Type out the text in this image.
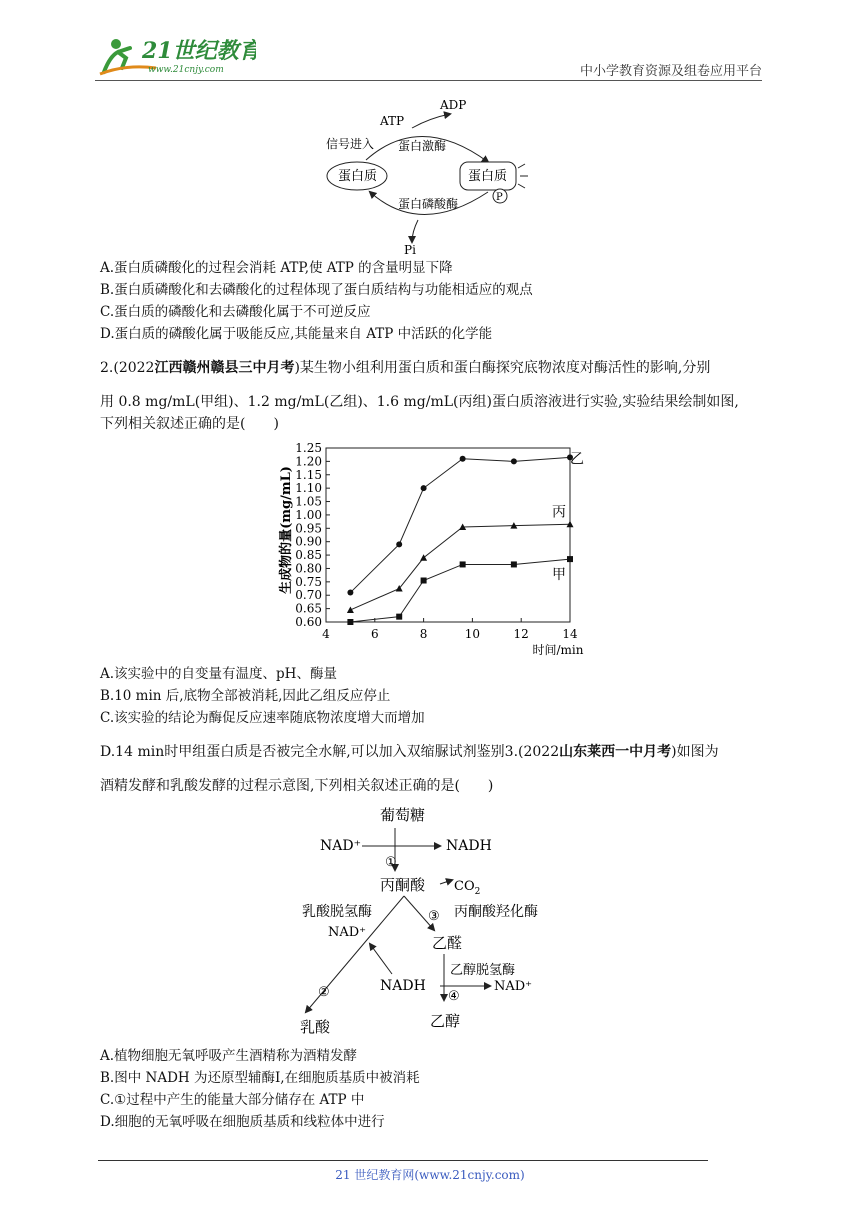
21世纪教育
www.21cnjy.com	中小学教育资源及组卷应用平台
ATP
ADP
信号进入 蛋白激酶
蛋白质	蛋白质
P
蛋白磷酸酶
Pi
A.蛋白质磷酸化的过程会消耗 ATP,使 ATP 的含量明显下降
B.蛋白质磷酸化和去磷酸化的过程体现了蛋白质结构与功能相适应的观点
C.蛋白质的磷酸化和去磷酸化属于不可逆反应
D.蛋白质的磷酸化属于吸能反应,其能量来自 ATP 中活跃的化学能
2.(2022江西赣州赣县三中月考)某生物小组利用蛋白质和蛋白酶探究底物浓度对酶活性的影响,分别
用 0.8 mg/mL(甲组)、1.2 mg/mL(乙组)、1.6 mg/mL(丙组)蛋白质溶液进行实验,实验结果绘制如图,
下列相关叙述正确的是(　　)
1.25
1.20
1.15
1.10
1.05
1.00
0.95
0.90
0.85
0.80
0.75
0.70
0.65
0.60
4	6	8	10	12	14
乙
丙
甲
生成物的量(mg/mL)
时间/min
A.该实验中的自变量有温度、pH、酶量
B.10 min 后,底物全部被消耗,因此乙组反应停止
C.该实验的结论为酶促反应速率随底物浓度增大而增加
D.14 min时甲组蛋白质是否被完全水解,可以加入双缩脲试剂鉴别3.(2022山东莱西一中月考)如图为
酒精发酵和乳酸发酵的过程示意图,下列相关叙述正确的是(　　)
葡萄糖
NAD⁺	NADH
①
丙酮酸 $CO_2$
乳酸脱氢酶	③ 丙酮酸羟化酶
NAD⁺
乙醛
乙醇脱氢酶
②	NADH
④
NAD⁺
乳酸	乙醇
A.植物细胞无氧呼吸产生酒精称为酒精发酵
B.图中 NADH 为还原型辅酶Ⅰ,在细胞质基质中被消耗
C.①过程中产生的能量大部分储存在 ATP 中
D.细胞的无氧呼吸在细胞质基质和线粒体中进行
21 世纪教育网(www.21cnjy.com)
